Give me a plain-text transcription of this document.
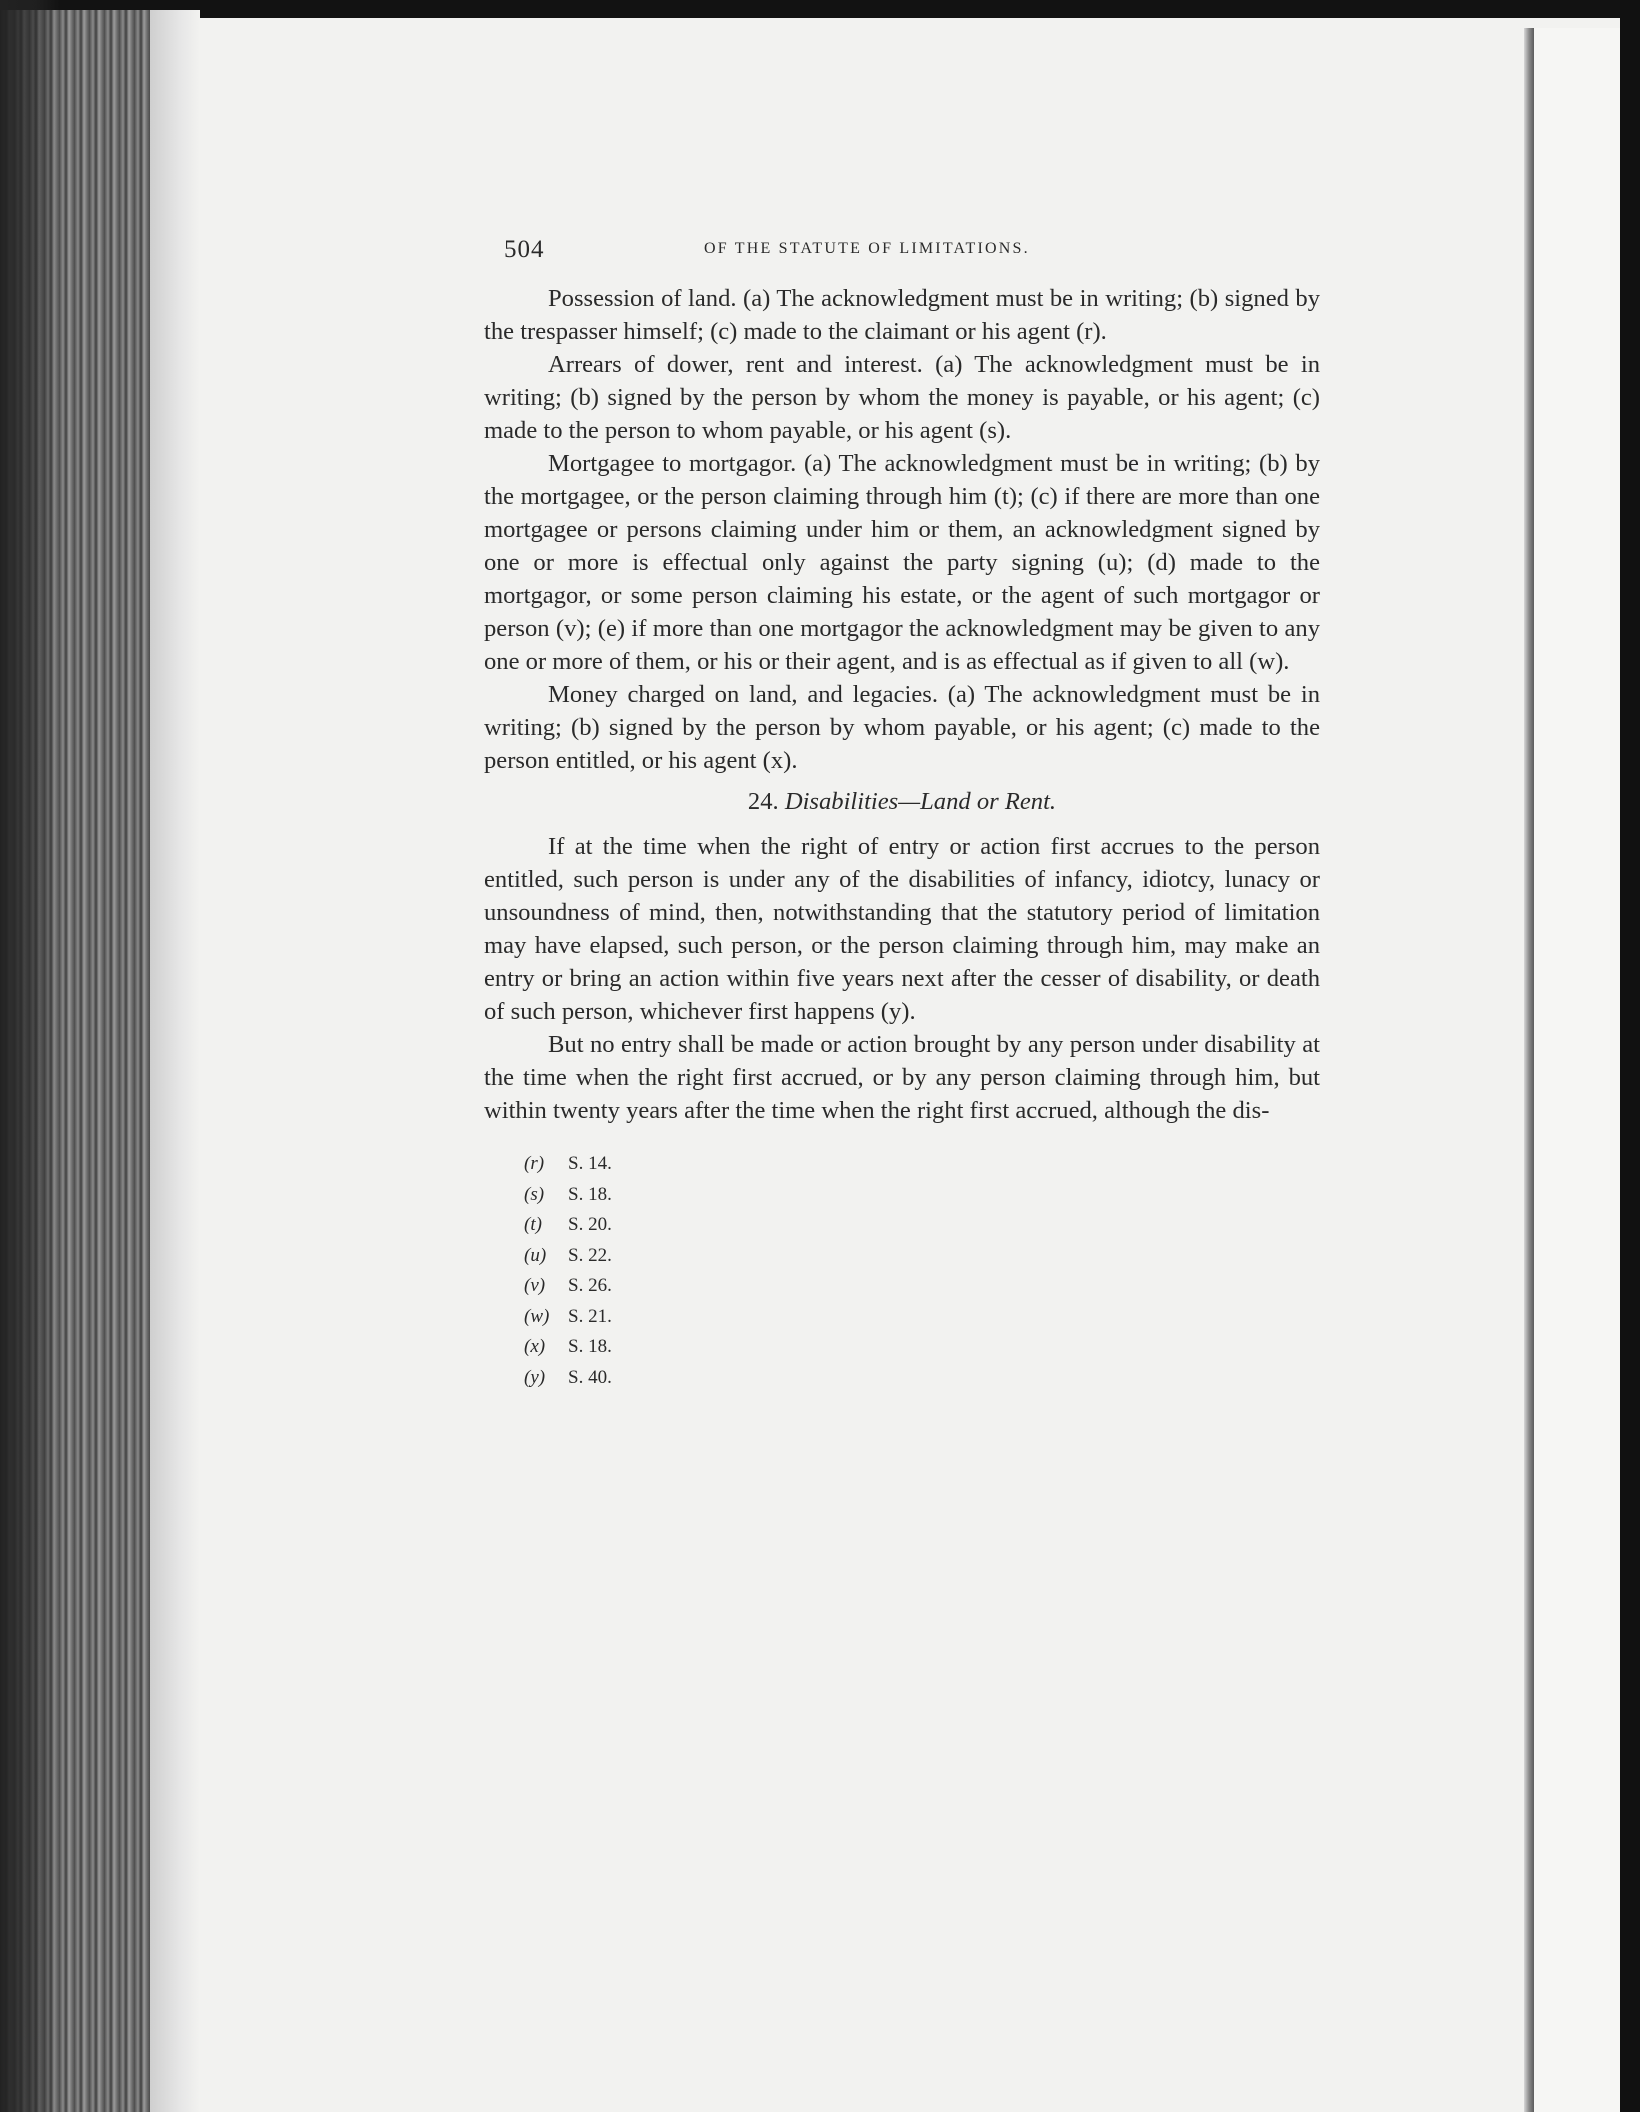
504	OF THE STATUTE OF LIMITATIONS.

Possession of land. (a) The acknowledgment must be in writing; (b) signed by the trespasser himself; (c) made to the claimant or his agent (r).

Arrears of dower, rent and interest. (a) The acknowledgment must be in writing; (b) signed by the person by whom the money is payable, or his agent; (c) made to the person to whom payable, or his agent (s).

Mortgagee to mortgagor. (a) The acknowledgment must be in writing; (b) by the mortgagee, or the person claiming through him (t); (c) if there are more than one mortgagee or persons claiming under him or them, an acknowledgment signed by one or more is effectual only against the party signing (u); (d) made to the mortgagor, or some person claiming his estate, or the agent of such mortgagor or person (v); (e) if more than one mortgagor the acknowledgment may be given to any one or more of them, or his or their agent, and is as effectual as if given to all (w).

Money charged on land, and legacies. (a) The acknowledgment must be in writing; (b) signed by the person by whom payable, or his agent; (c) made to the person entitled, or his agent (x).

24. Disabilities—Land or Rent.

If at the time when the right of entry or action first accrues to the person entitled, such person is under any of the disabilities of infancy, idiotcy, lunacy or unsoundness of mind, then, notwithstanding that the statutory period of limitation may have elapsed, such person, or the person claiming through him, may make an entry or bring an action within five years next after the cesser of disability, or death of such person, whichever first happens (y).

But no entry shall be made or action brought by any person under disability at the time when the right first accrued, or by any person claiming through him, but within twenty years after the time when the right first accrued, although the dis-

(r) S. 14.
(s) S. 18.
(t) S. 20.
(u) S. 22.
(v) S. 26.
(w) S. 21.
(x) S. 18.
(y) S. 40.
